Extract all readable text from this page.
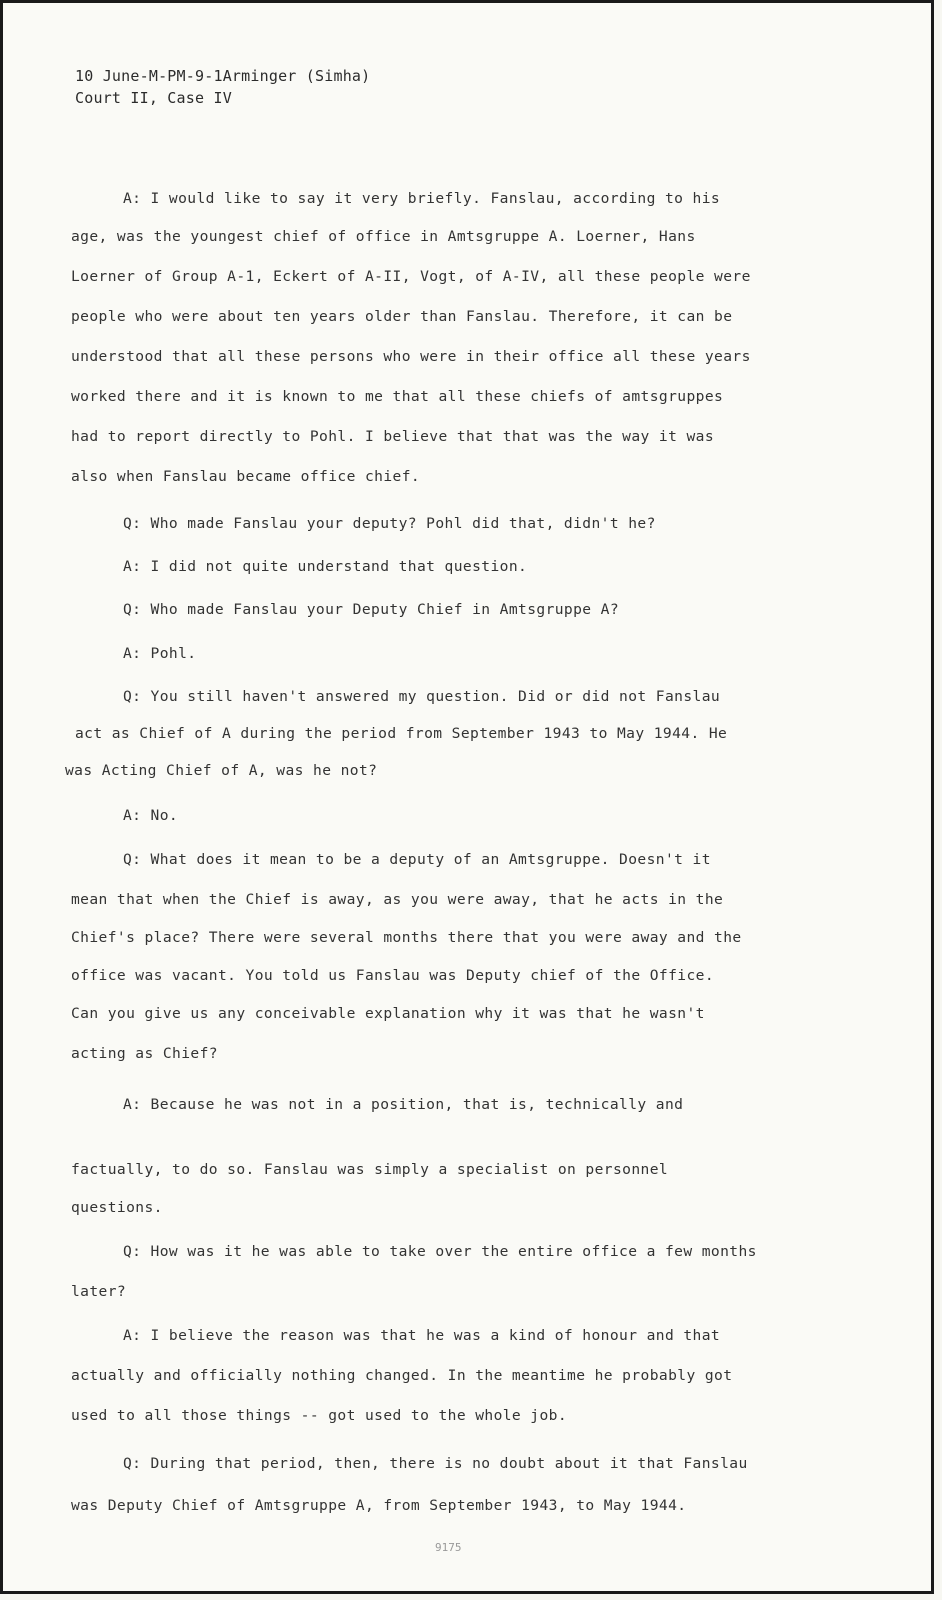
10 June-M-PM-9-1Arminger (Simha)
Court II, Case IV
A: I would like to say it very briefly. Fanslau, according to his
age, was the youngest chief of office in Amtsgruppe A. Loerner, Hans
Loerner of Group A-1, Eckert of A-II, Vogt, of A-IV, all these people were
people who were about ten years older than Fanslau. Therefore, it can be
understood that all these persons who were in their office all these years
worked there and it is known to me that all these chiefs of amtsgruppes
had to report directly to Pohl. I believe that that was the way it was
also when Fanslau became office chief.
Q: Who made Fanslau your deputy? Pohl did that, didn't he?
A: I did not quite understand that question.
Q: Who made Fanslau your Deputy Chief in Amtsgruppe A?
A: Pohl.
Q: You still haven't answered my question. Did or did not Fanslau
act as Chief of A during the period from September 1943 to May 1944. He
was Acting Chief of A, was he not?
A: No.
Q: What does it mean to be a deputy of an Amtsgruppe. Doesn't it
mean that when the Chief is away, as you were away, that he acts in the
Chief's place? There were several months there that you were away and the
office was vacant. You told us Fanslau was Deputy chief of the Office.
Can you give us any conceivable explanation why it was that he wasn't
acting as Chief?
A: Because he was not in a position, that is, technically and
factually, to do so. Fanslau was simply a specialist on personnel
questions.
Q: How was it he was able to take over the entire office a few months
later?
A: I believe the reason was that he was a kind of honour and that
actually and officially nothing changed. In the meantime he probably got
used to all those things -- got used to the whole job.
Q: During that period, then, there is no doubt about it that Fanslau
was Deputy Chief of Amtsgruppe A, from September 1943, to May 1944.
9175
